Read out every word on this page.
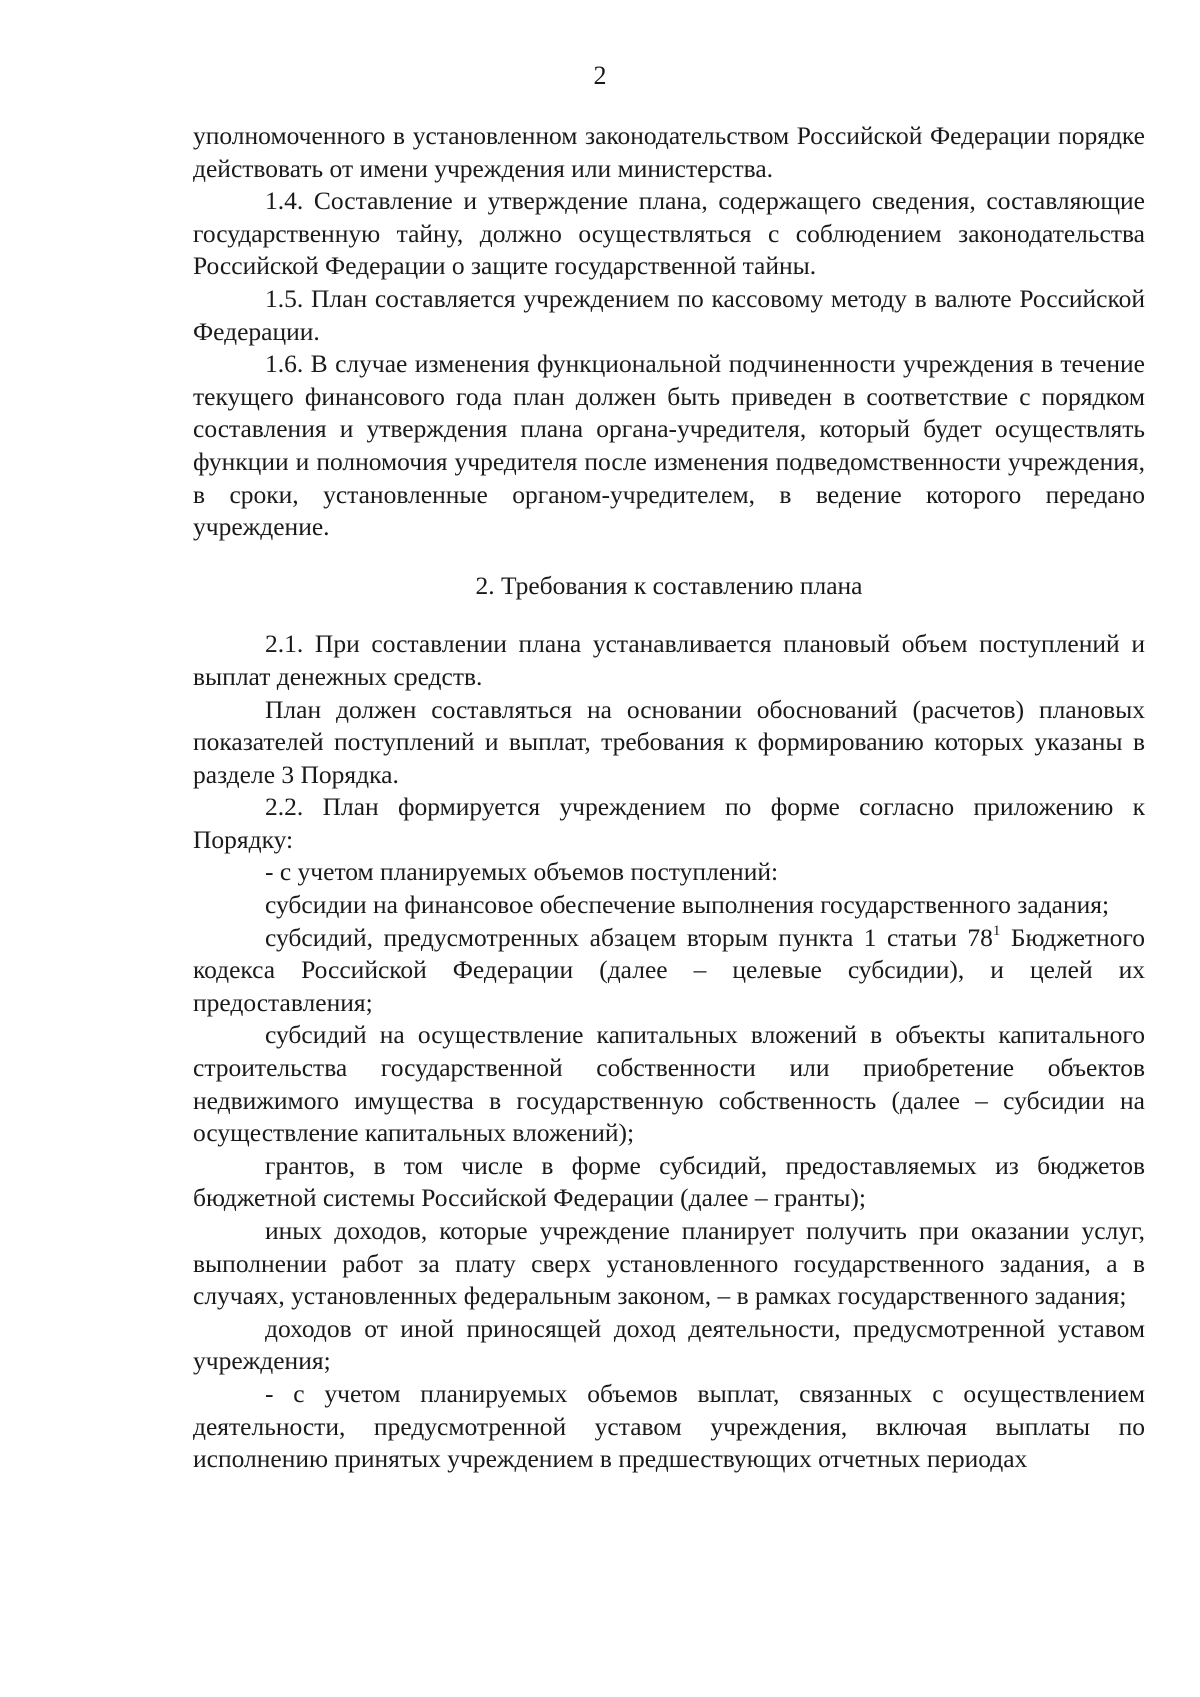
2

уполномоченного в установленном законодательством Российской Федерации порядке действовать от имени учреждения или министерства.

1.4. Составление и утверждение плана, содержащего сведения, составляющие государственную тайну, должно осуществляться с соблюдением законодательства Российской Федерации о защите государственной тайны.

1.5. План составляется учреждением по кассовому методу в валюте Российской Федерации.

1.6. В случае изменения функциональной подчиненности учреждения в течение текущего финансового года план должен быть приведен в соответствие с порядком составления и утверждения плана органа-учредителя, который будет осуществлять функции и полномочия учредителя после изменения подведомственности учреждения, в сроки, установленные органом-учредителем, в ведение которого передано учреждение.

2. Требования к составлению плана

2.1. При составлении плана устанавливается плановый объем поступлений и выплат денежных средств.

План должен составляться на основании обоснований (расчетов) плановых показателей поступлений и выплат, требования к формированию которых указаны в разделе 3 Порядка.

2.2. План формируется учреждением по форме согласно приложению к Порядку:

- с учетом планируемых объемов поступлений:

субсидии на финансовое обеспечение выполнения государственного задания;

субсидий, предусмотренных абзацем вторым пункта 1 статьи $78^1$ Бюджетного кодекса Российской Федерации (далее – целевые субсидии), и целей их предоставления;

субсидий на осуществление капитальных вложений в объекты капитального строительства государственной собственности или приобретение объектов недвижимого имущества в государственную собственность (далее – субсидии на осуществление капитальных вложений);

грантов, в том числе в форме субсидий, предоставляемых из бюджетов бюджетной системы Российской Федерации (далее – гранты);

иных доходов, которые учреждение планирует получить при оказании услуг, выполнении работ за плату сверх установленного государственного задания, а в случаях, установленных федеральным законом, – в рамках государственного задания;

доходов от иной приносящей доход деятельности, предусмотренной уставом учреждения;

- с учетом планируемых объемов выплат, связанных с осуществлением деятельности, предусмотренной уставом учреждения, включая выплаты по исполнению принятых учреждением в предшествующих отчетных периодах
